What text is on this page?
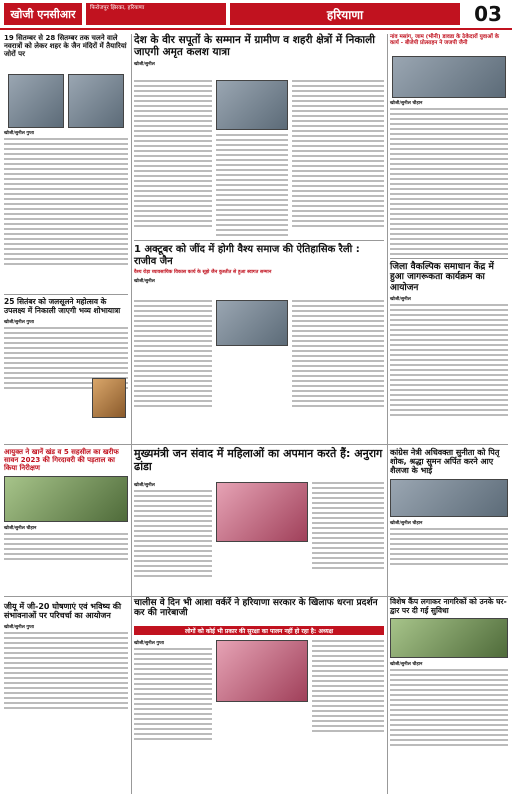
खोजी एनसीआर	फिरोजपुर झिरका, हरियाणा	हरियाणा	03
19 सितम्बर से 28 सितम्बर तक चलने वाले नवरात्रों को लेकर शहर के जैन मंदिरों में तैयारियां जोरों पर
खोजी/सुनील गुप्ता
25 सितंबर को जलसूलने महोत्सव के उपलक्ष्य में निकाली जाएगी भव्य शोभायात्रा
खोजी/सुनील गुप्ता
आयुक्त ने खानें खंड व 5 सहसील का खरीफ सावन 2023 की गिरदावरी की पड़ताल का किया निरीक्षण
खोजी/सुनील चौहान
जीयू में जी-20 घोषणाएं एवं भविष्य की संभावनाओं पर परिचर्चा का आयोजन
खोजी/सुनील गुप्ता
देश के वीर सपूतों के सम्मान में ग्रामीण व शहरी क्षेत्रों में निकाली जाएगी अमृत कलश यात्रा
खोजी/सुनील
1 अक्टूबर को जींद में होगी वैश्य समाज की ऐतिहासिक रैली : राजीव जैन
वैश्य रोड़ा व्यावसायिक विकास कार्य के सूझे जैन कुश्तीत से हुआ स्वागत सम्मान
खोजी/सुनील
नांव मसांग, जाम (भीनी) डावडा के ठेकेदारों युवाओं के कार्य - बीजेपी प्रोत्साहन ने जजपी जैनी
खोजी/सुनील चौहान
जिला वैकल्पिक समाधान केंद्र में हुआ जागरूकता कार्यक्रम का आयोजन
खोजी/सुनील
मुख्यमंत्री जन संवाद में महिलाओं का अपमान करते हैं: अनुराग ढांडा
खोजी/सुनील
कांग्रेस नेत्री अधिवक्ता सुनीता को पितृ शोक, श्रद्धा सुमन अर्पित करने आए शैलजा के भाई
खोजी/सुनील चौहान
चालीस वे दिन भी आशा वर्करें ने हरियाणा सरकार के खिलाफ धरना प्रदर्शन कर की नारेबाजी
लोगों को कोई भी प्रकार की सुरक्षा का पालन नहीं हो रहा है: अध्यक्ष
खोजी/सुनील गुप्ता
विशेष कैंप लगाकर नागरिकों को उनके घर-द्वार पर दी गई सुविधा
खोजी/सुनील चौहान
